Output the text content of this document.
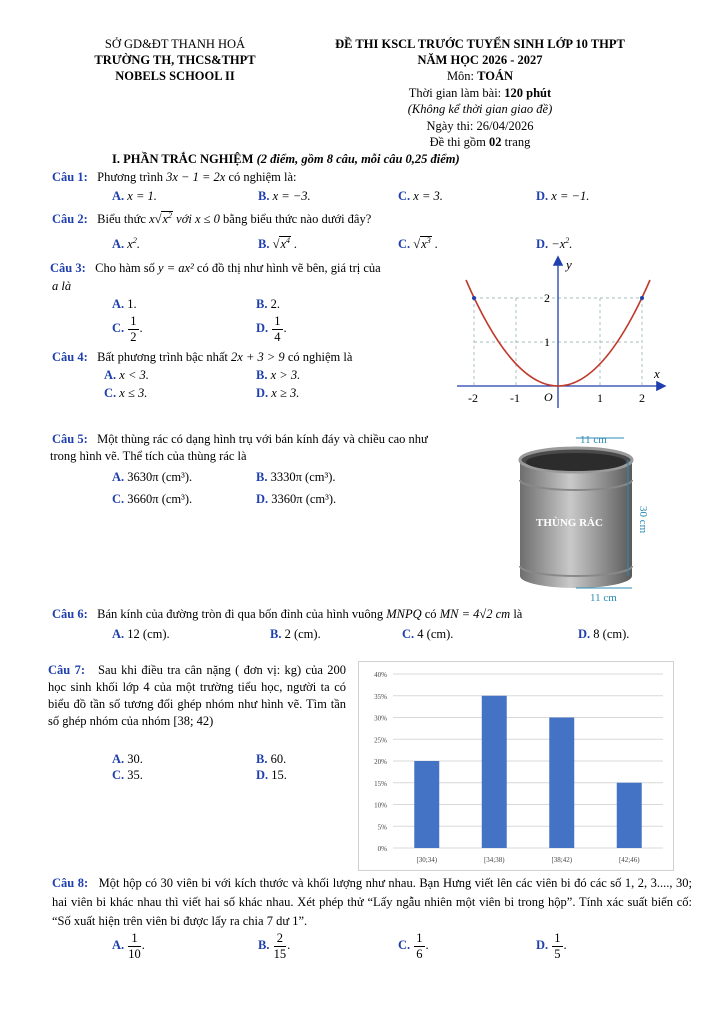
SỞ GD&ĐT THANH HOÁ
TRƯỜNG TH, THCS&THPT
NOBELS SCHOOL II
ĐỀ THI KSCL TRƯỚC TUYỂN SINH LỚP 10 THPT
NĂM HỌC 2026 - 2027
Môn: TOÁN
Thời gian làm bài: 120 phút
(Không kể thời gian giao đề)
Ngày thi: 26/04/2026
Đề thi gồm 02 trang
I. PHẦN TRẮC NGHIỆM (2 điểm, gồm 8 câu, mỗi câu 0,25 điểm)
Câu 1: Phương trình 3x − 1 = 2x có nghiệm là:
A. x = 1.	B. x = −3.	C. x = 3.	D. x = −1.
Câu 2: Biểu thức $x√x^2$ với x ≤ 0 bằng biểu thức nào dưới đây?
A. $x^2$.	B. $√x^4$ .	C. $√x^3$ .	D. $-x^2$.
Câu 3: Cho hàm số y = ax² có đồ thị như hình vẽ bên, giá trị của
a là
A. 1.	B. 2.
C. $\frac{1}{2}$ .	D. $\frac{1}{4}$ .
Câu 4: Bất phương trình bậc nhất 2x + 3 > 9 có nghiệm là
A. x < 3.	B. x > 3.
C. x ≤ 3.	D. x ≥ 3.
y
x
O
-2	-1	1	2
1
2
Câu 5: Một thùng rác có dạng hình trụ với bán kính đáy và chiều cao như
trong hình vẽ. Thể tích của thùng rác là
A. 3630π (cm³).	B. 3330π (cm³).
C. 3660π (cm³).	D. 3360π (cm³).
11 cm
THÙNG RÁC	30 cm
11 cm
Câu 6: Bán kính của đường tròn đi qua bốn đỉnh của hình vuông MNPQ có MN = 4√2 cm là
A. 12 (cm).	B. 2 (cm).	C. 4 (cm).	D. 8 (cm).
Câu 7: Sau khi điều tra cân nặng ( đơn vị: kg) của 200 học sinh khối lớp 4 của một trường tiểu học, người ta có biểu đồ tần số tương đối ghép nhóm như hình vẽ. Tìm tần số ghép nhóm của nhóm [38; 42)
A. 30.	B. 60.
C. 35.	D. 15.
0%
5%
10%
15%
20%
25%
30%
35%
40%
[30;34)	[34;38)	[38;42)	[42;46)
Câu 8: Một hộp có 30 viên bi với kích thước và khối lượng như nhau. Bạn Hưng viết lên các viên bi đó các số 1, 2, 3...., 30; hai viên bi khác nhau thì viết hai số khác nhau. Xét phép thử “Lấy ngẫu nhiên một viên bi trong hộp”. Tính xác suất biến cố: “Số xuất hiện trên viên bi được lấy ra chia 7 dư 1”.
A. $\frac{1}{10}$ .	B. $\frac{2}{15}$ .	C. $\frac{1}{6}$ .	D. $\frac{1}{5}$ .
